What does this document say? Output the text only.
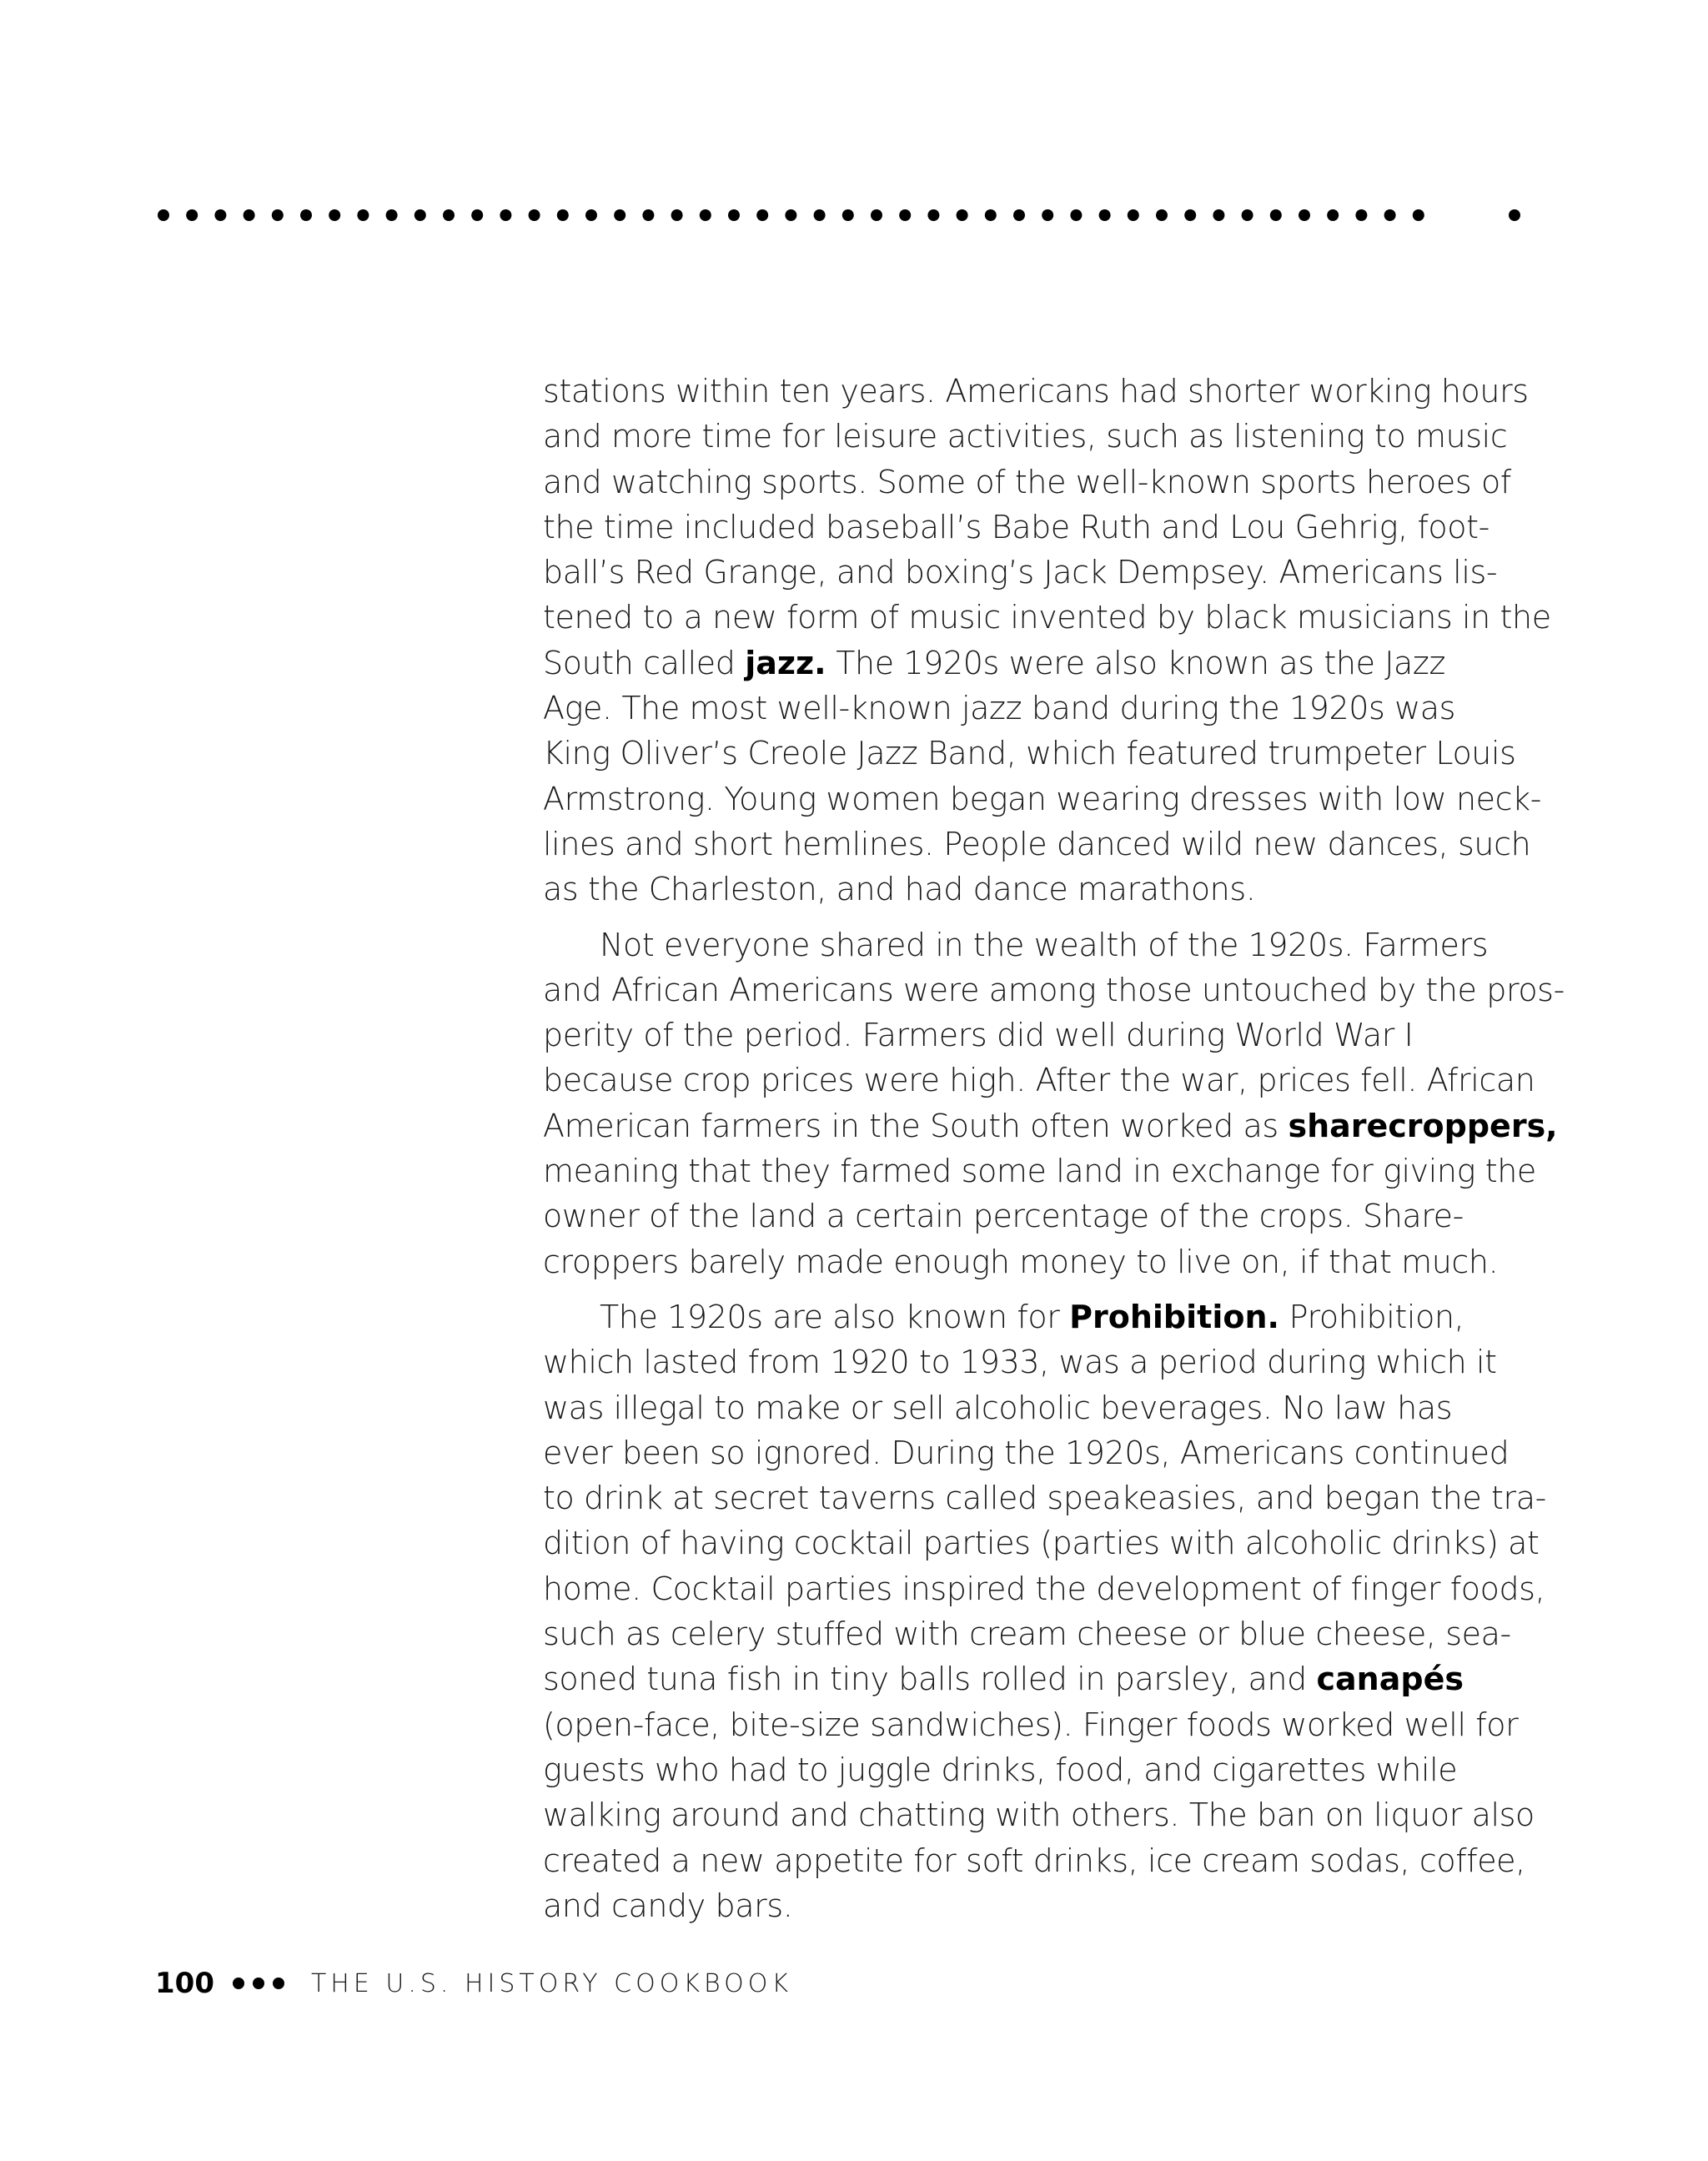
stations within ten years. Americans had shorter working hours
and more time for leisure activities, such as listening to music
and watching sports. Some of the well-known sports heroes of
the time included baseball’s Babe Ruth and Lou Gehrig, foot-
ball’s Red Grange, and boxing’s Jack Dempsey. Americans lis-
tened to a new form of music invented by black musicians in the
South called jazz. The 1920s were also known as the Jazz
Age. The most well-known jazz band during the 1920s was
King Oliver’s Creole Jazz Band, which featured trumpeter Louis
Armstrong. Young women began wearing dresses with low neck-
lines and short hemlines. People danced wild new dances, such
as the Charleston, and had dance marathons.

Not everyone shared in the wealth of the 1920s. Farmers
and African Americans were among those untouched by the pros-
perity of the period. Farmers did well during World War I
because crop prices were high. After the war, prices fell. African
American farmers in the South often worked as sharecroppers,
meaning that they farmed some land in exchange for giving the
owner of the land a certain percentage of the crops. Share-
croppers barely made enough money to live on, if that much.

The 1920s are also known for Prohibition. Prohibition,
which lasted from 1920 to 1933, was a period during which it
was illegal to make or sell alcoholic beverages. No law has
ever been so ignored. During the 1920s, Americans continued
to drink at secret taverns called speakeasies, and began the tra-
dition of having cocktail parties (parties with alcoholic drinks) at
home. Cocktail parties inspired the development of finger foods,
such as celery stuffed with cream cheese or blue cheese, sea-
soned tuna fish in tiny balls rolled in parsley, and canapés
(open-face, bite-size sandwiches). Finger foods worked well for
guests who had to juggle drinks, food, and cigarettes while
walking around and chatting with others. The ban on liquor also
created a new appetite for soft drinks, ice cream sodas, coffee,
and candy bars.

100	THE U.S. HISTORY COOKBOOK
